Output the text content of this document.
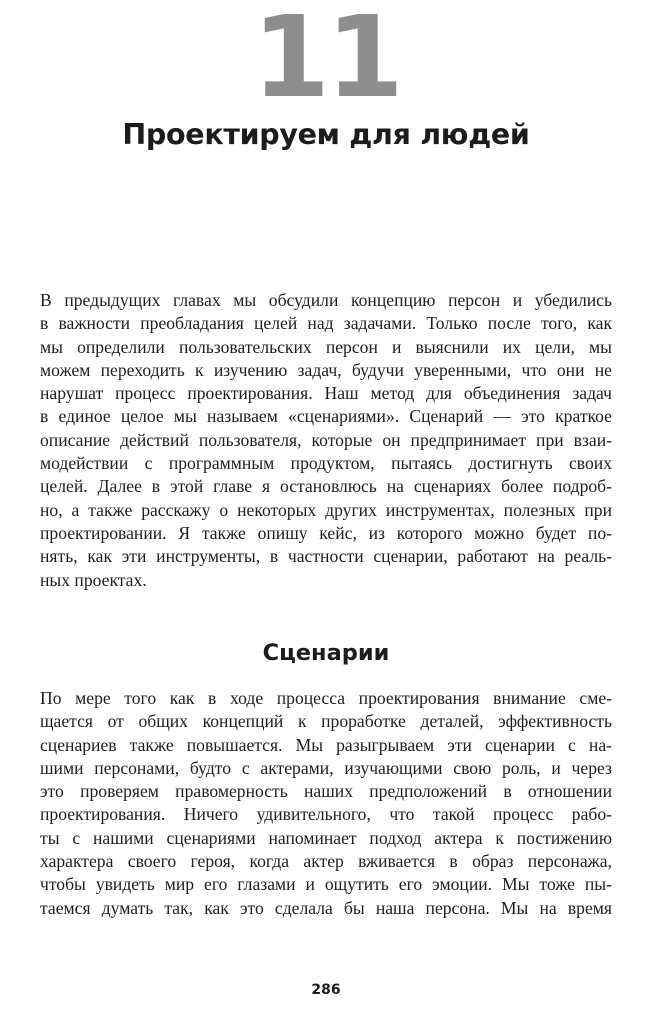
11
Проектируем для людей
В предыдущих главах мы обсудили концепцию персон и убедились
в важности преобладания целей над задачами. Только после того, как
мы определили пользовательских персон и выяснили их цели, мы
можем переходить к изучению задач, будучи уверенными, что они не
нарушат процесс проектирования. Наш метод для объединения задач
в единое целое мы называем «сценариями». Сценарий — это краткое
описание действий пользователя, которые он предпринимает при взаи-
модействии с программным продуктом, пытаясь достигнуть своих
целей. Далее в этой главе я остановлюсь на сценариях более подроб-
но, а также расскажу о некоторых других инструментах, полезных при
проектировании. Я также опишу кейс, из которого можно будет по-
нять, как эти инструменты, в частности сценарии, работают на реаль-
ных проектах.
Сценарии
По мере того как в ходе процесса проектирования внимание сме-
щается от общих концепций к проработке деталей, эффективность
сценариев также повышается. Мы разыгрываем эти сценарии с на-
шими персонами, будто с актерами, изучающими свою роль, и через
это проверяем правомерность наших предположений в отношении
проектирования. Ничего удивительного, что такой процесс рабо-
ты с нашими сценариями напоминает подход актера к постижению
характера своего героя, когда актер вживается в образ персонажа,
чтобы увидеть мир его глазами и ощутить его эмоции. Мы тоже пы-
таемся думать так, как это сделала бы наша персона. Мы на время
286
